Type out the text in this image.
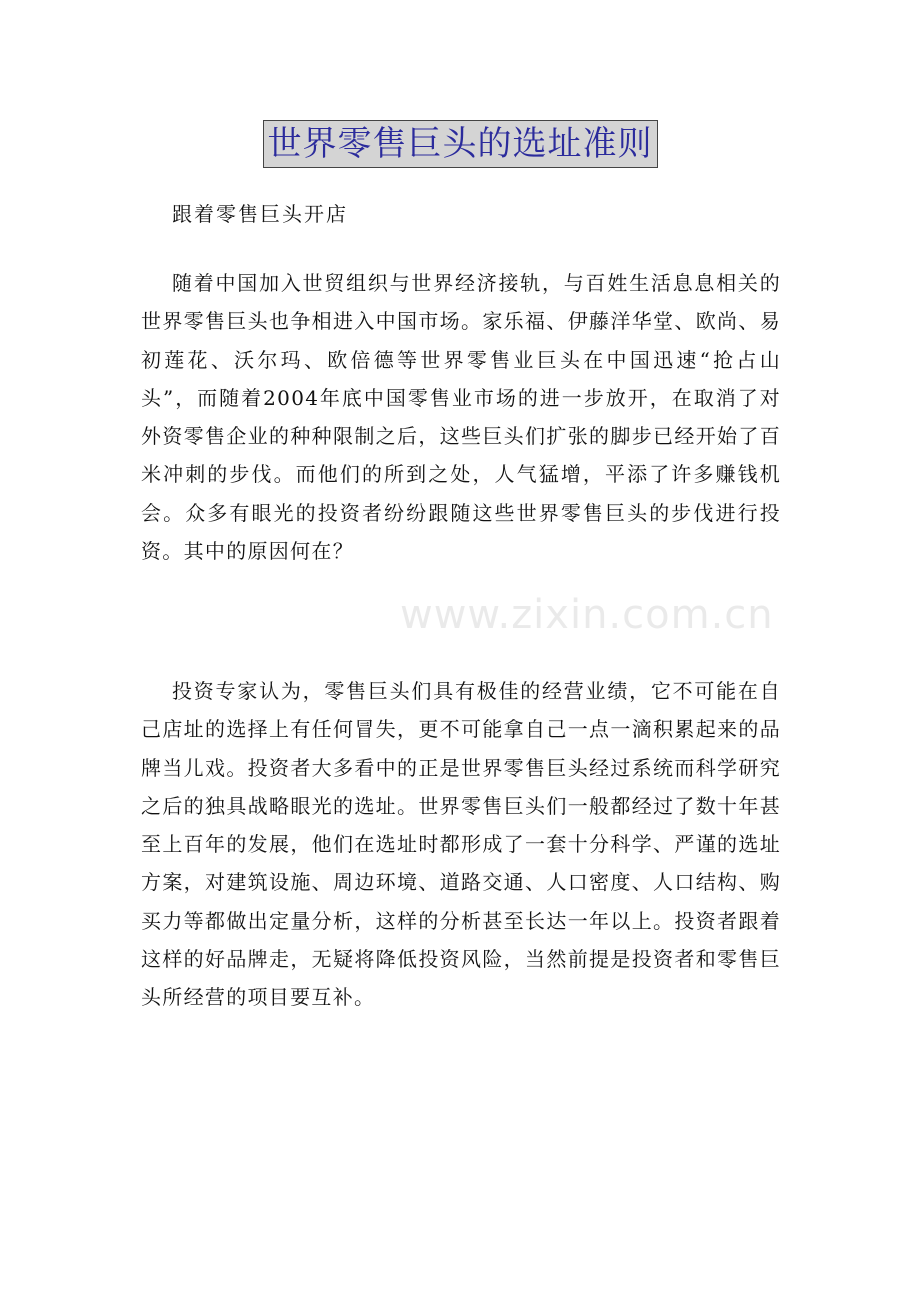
世界零售巨头的选址准则
跟着零售巨头开店

随着中国加入世贸组织与世界经济接轨，与百姓生活息息相关的世界零售巨头也争相进入中国市场。家乐福、伊藤洋华堂、欧尚、易初莲花、沃尔玛、欧倍德等世界零售业巨头在中国迅速“抢占山头”，而随着2004年底中国零售业市场的进一步放开，在取消了对外资零售企业的种种限制之后，这些巨头们扩张的脚步已经开始了百米冲刺的步伐。而他们的所到之处，人气猛增，平添了许多赚钱机会。众多有眼光的投资者纷纷跟随这些世界零售巨头的步伐进行投资。其中的原因何在？

投资专家认为，零售巨头们具有极佳的经营业绩，它不可能在自己店址的选择上有任何冒失，更不可能拿自己一点一滴积累起来的品牌当儿戏。投资者大多看中的正是世界零售巨头经过系统而科学研究之后的独具战略眼光的选址。世界零售巨头们一般都经过了数十年甚至上百年的发展，他们在选址时都形成了一套十分科学、严谨的选址方案，对建筑设施、周边环境、道路交通、人口密度、人口结构、购买力等都做出定量分析，这样的分析甚至长达一年以上。投资者跟着这样的好品牌走，无疑将降低投资风险，当然前提是投资者和零售巨头所经营的项目要互补。

www.zixin.com.cn
